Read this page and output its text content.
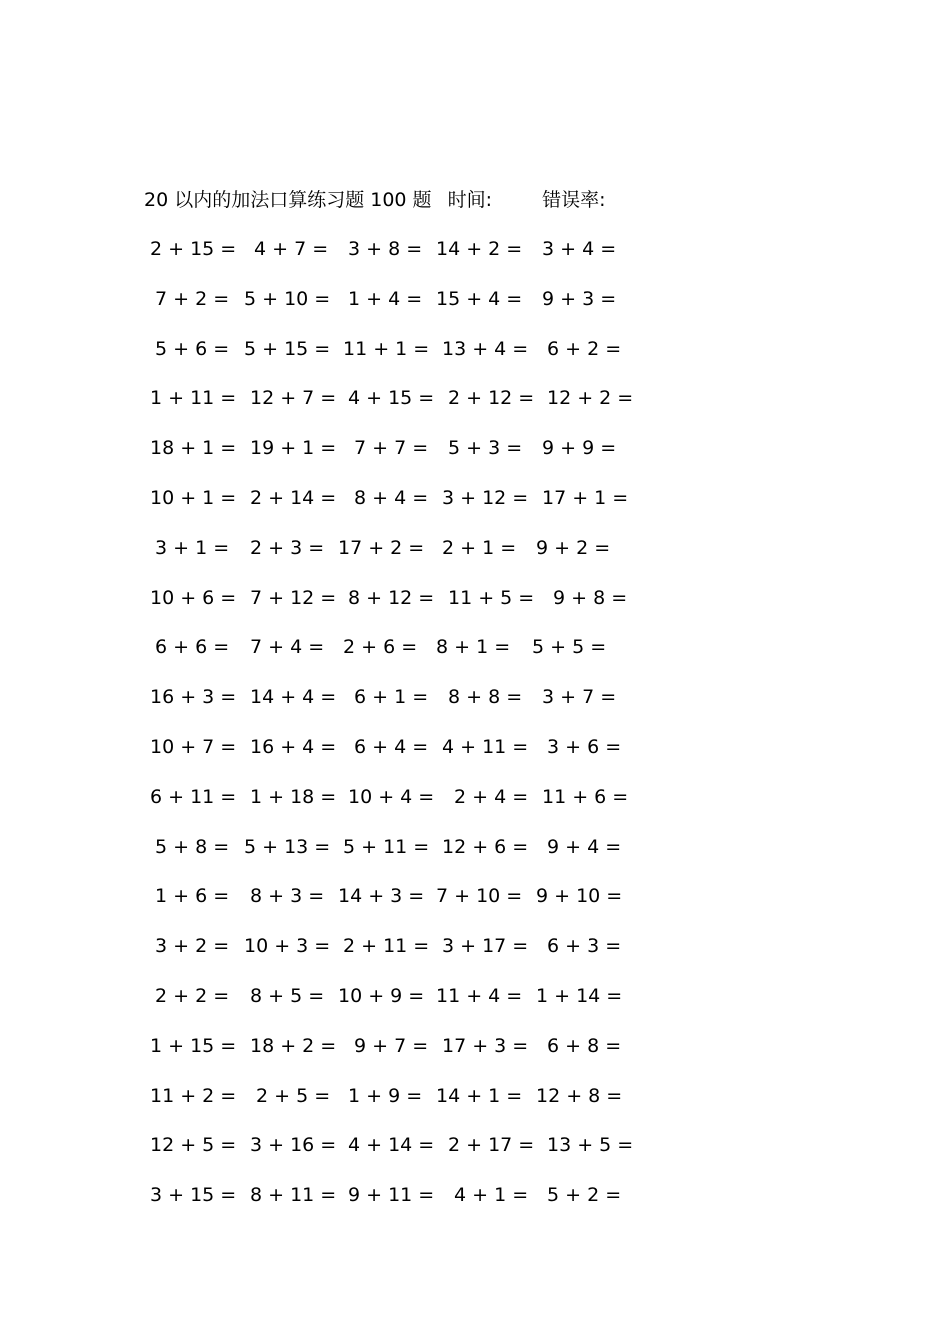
20 以内的加法口算练习题 100 题 时间:	错误率:
2 + 15 = 4 + 7 = 3 + 8 = 14 + 2 = 3 + 4 =
7 + 2 = 5 + 10 = 1 + 4 = 15 + 4 = 9 + 3 =
5 + 6 = 5 + 15 = 11 + 1 = 13 + 4 = 6 + 2 =
1 + 11 = 12 + 7 = 4 + 15 = 2 + 12 = 12 + 2 =
18 + 1 = 19 + 1 = 7 + 7 = 5 + 3 = 9 + 9 =
10 + 1 = 2 + 14 = 8 + 4 = 3 + 12 = 17 + 1 =
3 + 1 = 2 + 3 = 17 + 2 = 2 + 1 = 9 + 2 =
10 + 6 = 7 + 12 = 8 + 12 = 11 + 5 = 9 + 8 =
6 + 6 = 7 + 4 = 2 + 6 = 8 + 1 = 5 + 5 =
16 + 3 = 14 + 4 = 6 + 1 = 8 + 8 = 3 + 7 =
10 + 7 = 16 + 4 = 6 + 4 = 4 + 11 = 3 + 6 =
6 + 11 = 1 + 18 = 10 + 4 = 2 + 4 = 11 + 6 =
5 + 8 = 5 + 13 = 5 + 11 = 12 + 6 = 9 + 4 =
1 + 6 = 8 + 3 = 14 + 3 = 7 + 10 = 9 + 10 =
3 + 2 = 10 + 3 = 2 + 11 = 3 + 17 = 6 + 3 =
2 + 2 = 8 + 5 = 10 + 9 = 11 + 4 = 1 + 14 =
1 + 15 = 18 + 2 = 9 + 7 = 17 + 3 = 6 + 8 =
11 + 2 = 2 + 5 = 1 + 9 = 14 + 1 = 12 + 8 =
12 + 5 = 3 + 16 = 4 + 14 = 2 + 17 = 13 + 5 =
3 + 15 = 8 + 11 = 9 + 11 = 4 + 1 = 5 + 2 =
